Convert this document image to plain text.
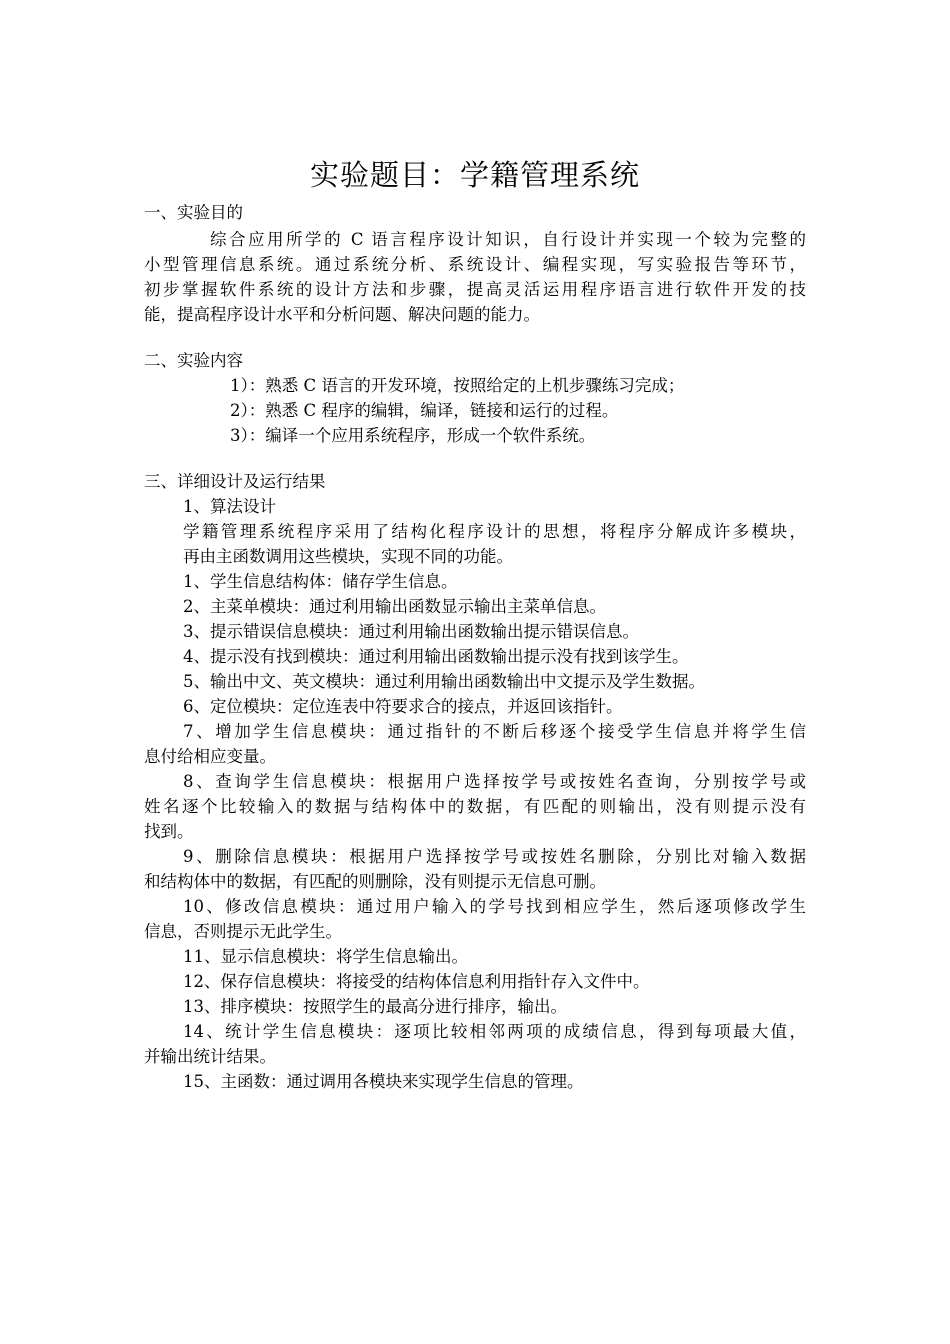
实验题目：学籍管理系统
一、实验目的
综合应用所学的 C 语言程序设计知识，自行设计并实现一个较为完整的
小型管理信息系统。通过系统分析、系统设计、编程实现，写实验报告等环节，
初步掌握软件系统的设计方法和步骤，提高灵活运用程序语言进行软件开发的技
能，提高程序设计水平和分析问题、解决问题的能力。
二、实验内容
1）：熟悉 C 语言的开发环境，按照给定的上机步骤练习完成；
2）：熟悉 C 程序的编辑，编译，链接和运行的过程。
3）：编译一个应用系统程序，形成一个软件系统。
三、详细设计及运行结果
1、算法设计
学籍管理系统程序采用了结构化程序设计的思想，将程序分解成许多模块，
再由主函数调用这些模块，实现不同的功能。
1、学生信息结构体：储存学生信息。
2、主菜单模块：通过利用输出函数显示输出主菜单信息。
3、提示错误信息模块：通过利用输出函数输出提示错误信息。
4、提示没有找到模块：通过利用输出函数输出提示没有找到该学生。
5、输出中文、英文模块：通过利用输出函数输出中文提示及学生数据。
6、定位模块：定位连表中符要求合的接点，并返回该指针。
7、增加学生信息模块：通过指针的不断后移逐个接受学生信息并将学生信
息付给相应变量。
8、查询学生信息模块：根据用户选择按学号或按姓名查询，分别按学号或
姓名逐个比较输入的数据与结构体中的数据，有匹配的则输出，没有则提示没有
找到。
9、删除信息模块：根据用户选择按学号或按姓名删除，分别比对输入数据
和结构体中的数据，有匹配的则删除，没有则提示无信息可删。
10、修改信息模块：通过用户输入的学号找到相应学生，然后逐项修改学生
信息，否则提示无此学生。
11、显示信息模块：将学生信息输出。
12、保存信息模块：将接受的结构体信息利用指针存入文件中。
13、排序模块：按照学生的最高分进行排序，输出。
14、统计学生信息模块：逐项比较相邻两项的成绩信息，得到每项最大值，
并输出统计结果。
15、主函数：通过调用各模块来实现学生信息的管理。
